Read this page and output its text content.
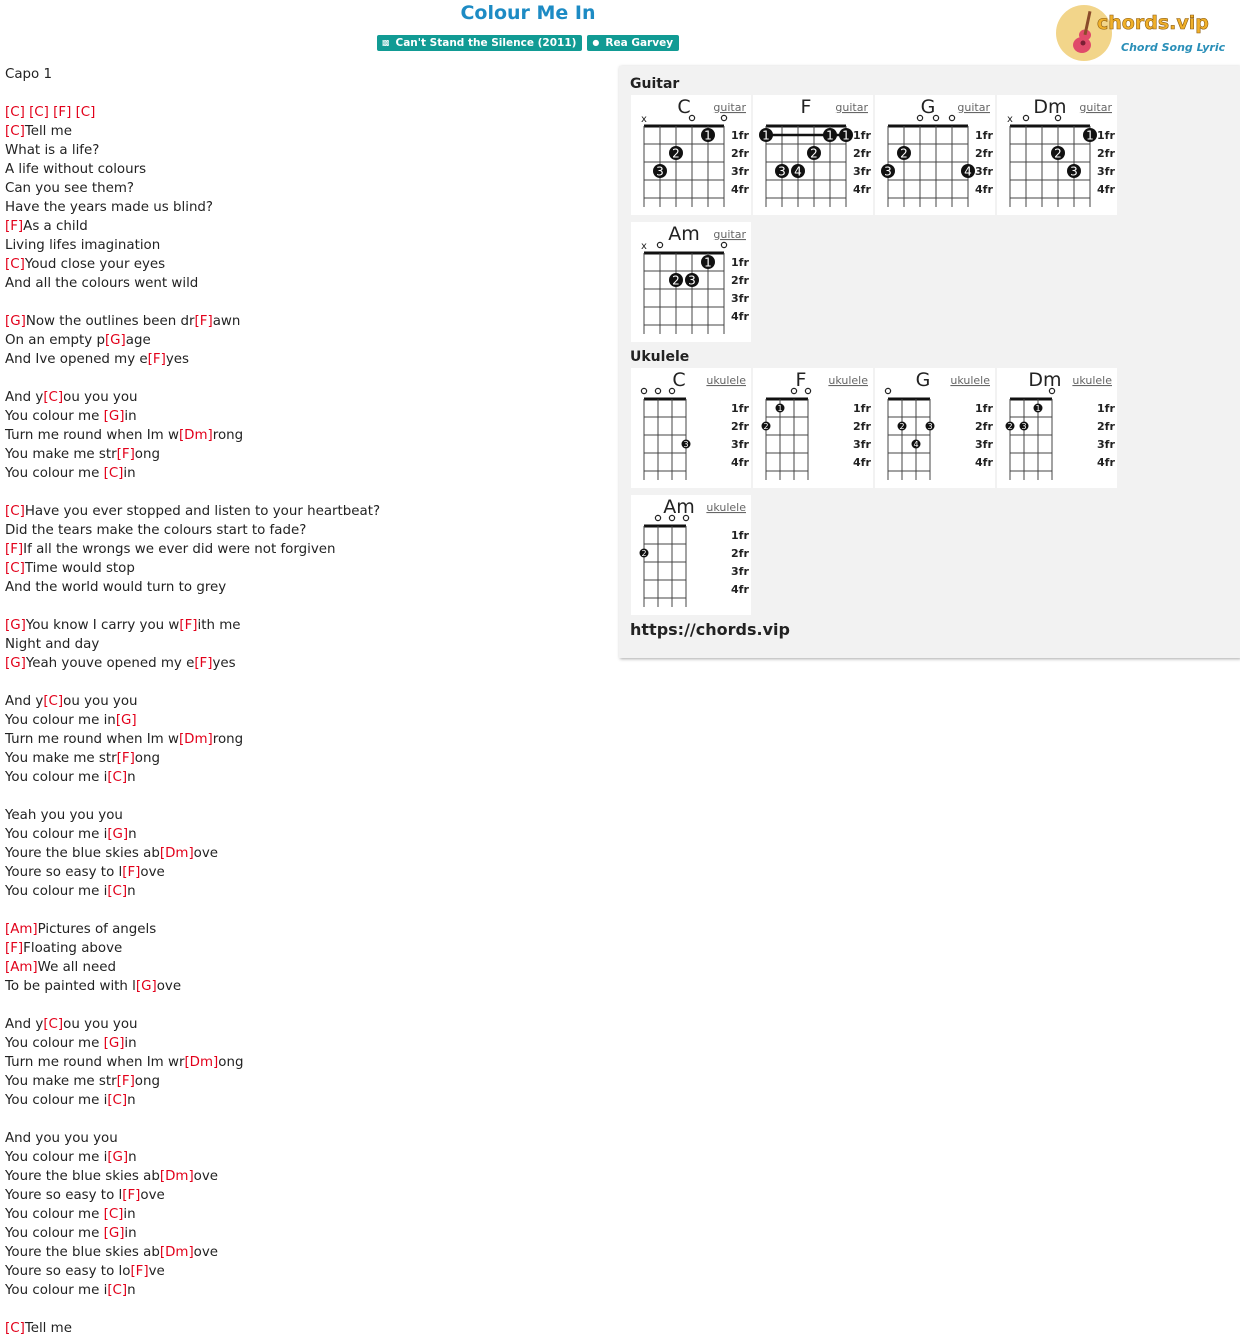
Colour Me In
▩ Can't Stand the Silence (2011) ● Rea Garvey
chords.vip
Chord Song Lyric
Capo 1
[C] [C] [F] [C]
[C]Tell me
What is a life?
A life without colours
Can you see them?
Have the years made us blind?
[F]As a child
Living lifes imagination
[C]Youd close your eyes
And all the colours went wild
[G]Now the outlines been dr[F]awn
On an empty p[G]age
And Ive opened my e[F]yes
And y[C]ou you you
You colour me [G]in
Turn me round when Im w[Dm]rong
You make me str[F]ong
You colour me [C]in
[C]Have you ever stopped and listen to your heartbeat?
Did the tears make the colours start to fade?
[F]If all the wrongs we ever did were not forgiven
[C]Time would stop
And the world would turn to grey
[G]You know I carry you w[F]ith me
Night and day
[G]Yeah youve opened my e[F]yes
And y[C]ou you you
You colour me in[G]
Turn me round when Im w[Dm]rong
You make me str[F]ong
You colour me i[C]n
Yeah you you you
You colour me i[G]n
Youre the blue skies ab[Dm]ove
Youre so easy to l[F]ove
You colour me i[C]n
[Am]Pictures of angels
[F]Floating above
[Am]We all need
To be painted with l[G]ove
And y[C]ou you you
You colour me [G]in
Turn me round when Im wr[Dm]ong
You make me str[F]ong
You colour me i[C]n
And you you you
You colour me i[G]n
Youre the blue skies ab[Dm]ove
Youre so easy to l[F]ove
You colour me [C]in
You colour me [G]in
Youre the blue skies ab[Dm]ove
Youre so easy to lo[F]ve
You colour me i[C]n
[C]Tell me
Guitar
C guitar
1fr
2fr
3fr
4fr
x
1
2
3
F guitar
1fr
2fr
3fr
4fr
1	1 1
2
3 4
G guitar
1fr
2fr
3fr
4fr
2
3	4
Dm guitar
1fr
2fr
3fr
4fr
x
1
2
3
Am guitar
1fr
2fr
3fr
4fr
x
1
2 3
Ukulele
C ukulele
1fr
2fr
3fr
4fr
3
F ukulele
1fr
2fr
3fr
4fr
1
2
G ukulele
1fr
2fr
3fr
4fr
2	3
4
Dm ukulele
1fr
2fr
3fr
4fr
1
2 3
Am ukulele
1fr
2fr
3fr
4fr
2
https://chords.vip
